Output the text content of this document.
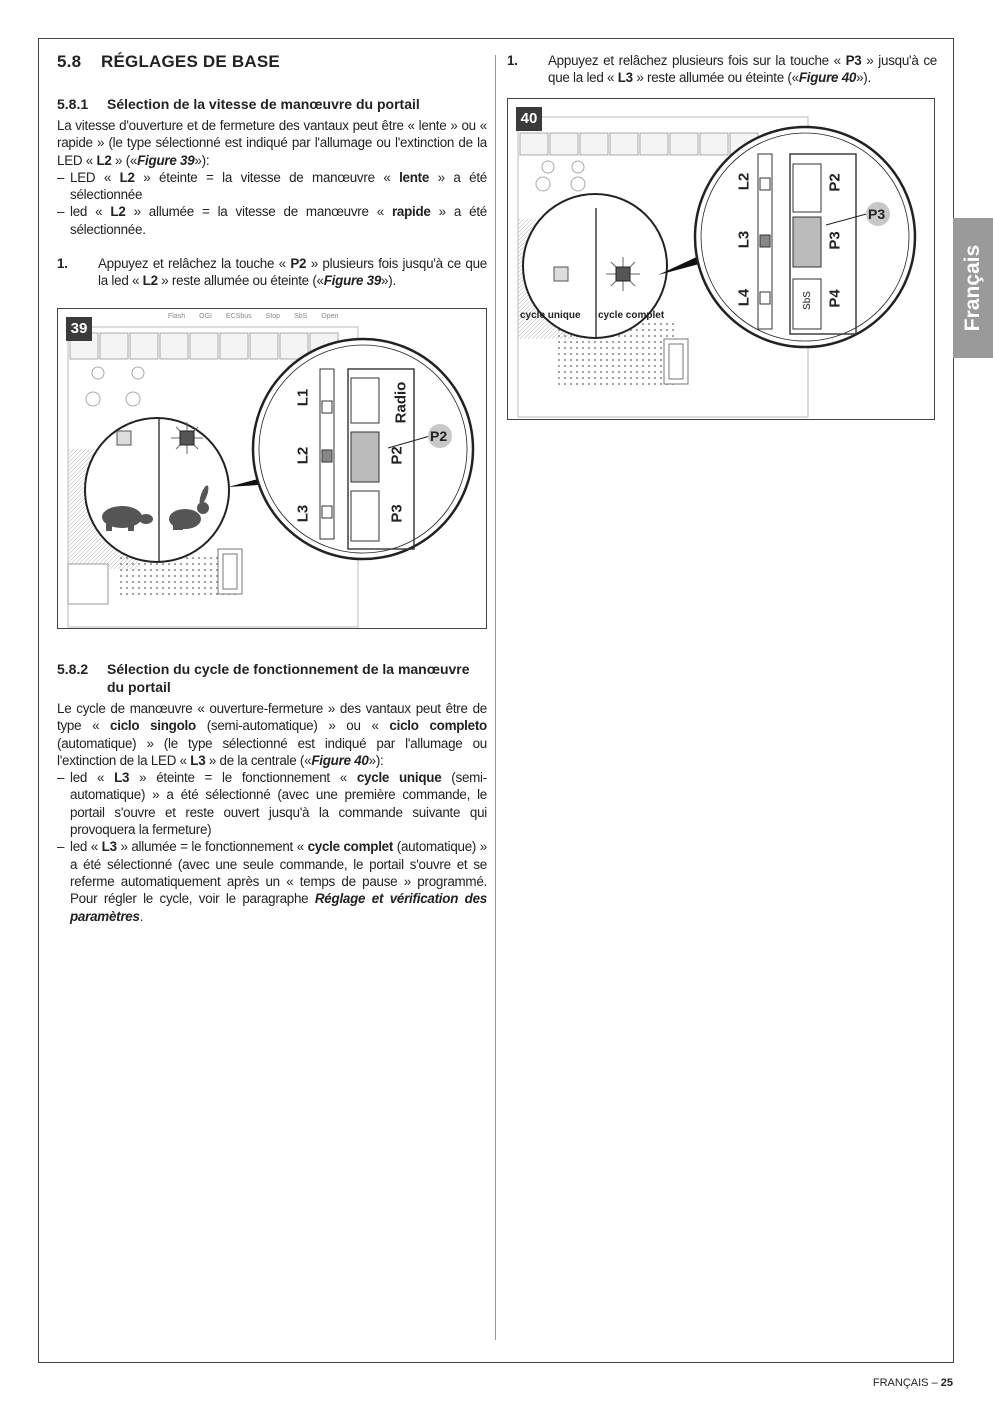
5.8 RÉGLAGES DE BASE
5.8.1 Sélection de la vitesse de manœuvre du portail

La vitesse d'ouverture et de fermeture des vantaux peut être « lente » ou « rapide » (le type sélectionné est indiqué par l'allumage ou l'extinction de la LED « L2 » («Figure 39»):

– LED « L2 » éteinte = la vitesse de manœuvre « lente » a été sélectionnée
– led « L2 » allumée = la vitesse de manœuvre « rapide » a été sélectionnée.
1.	Appuyez et relâchez la touche « P2 » plusieurs fois jusqu'à ce que la led « L2 » reste allumée ou éteinte («Figure 39»).
39
L1
L2
L3
Radio
P2
P3
P2
Flash OGI ECSbus Stop SbS Open
5.8.2 Sélection du cycle de fonctionnement de la manœuvre du portail

Le cycle de manœuvre « ouverture-fermeture » des vantaux peut être de type « ciclo singolo (semi-automatique) » ou « ciclo completo (automatique) » (le type sélectionné est indiqué par l'allumage ou l'extinction de la LED « L3 » de la centrale («Figure 40»):

– led « L3 » éteinte = le fonctionnement « cycle unique (semi-automatique) » a été sélectionné (avec une première commande, le portail s'ouvre et reste ouvert jusqu'à la commande suivante qui provoquera la fermeture)
– led « L3 » allumée = le fonctionnement « cycle complet (automatique) » a été sélectionné (avec une seule commande, le portail s'ouvre et se referme automatiquement après un « temps de pause » programmé. Pour régler le cycle, voir le paragraphe Réglage et vérification des paramètres.
1.	Appuyez et relâchez plusieurs fois sur la touche « P3 » jusqu'à ce que la led « L3 » reste allumée ou éteinte («Figure 40»).
40
L2
L3
L4
P2
P3
P4
SbS
P3
cycle unique cycle complet	Français
FRANÇAIS – 25
